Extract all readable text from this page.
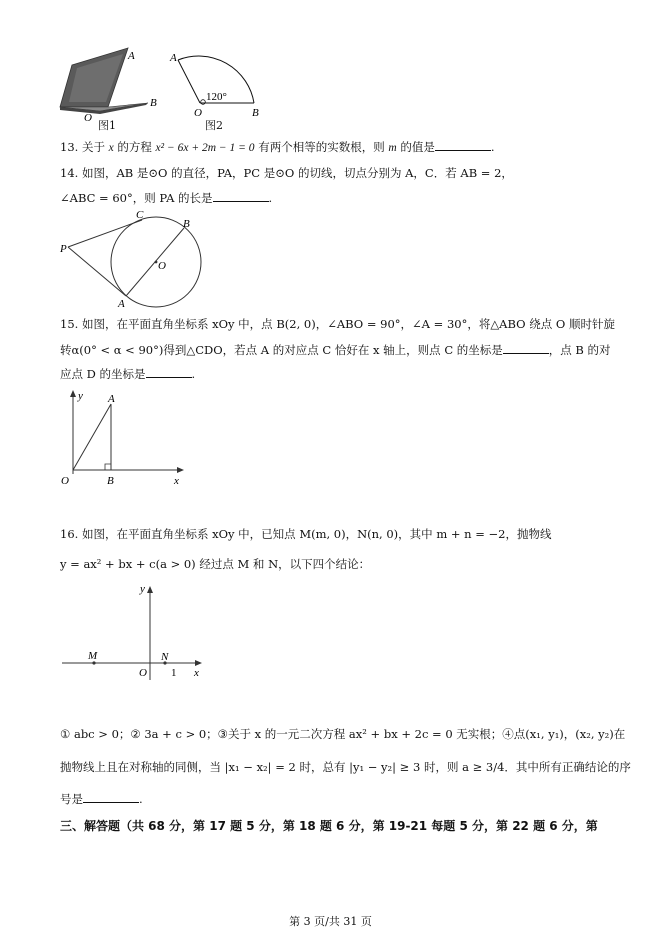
A
B
O
图1
A
120°
O	B
图2
13. 关于 x 的方程 x² − 6x + 2m − 1 = 0 有两个相等的实数根，则 m 的值是	.
14. 如图，AB 是⊙O 的直径，PA，PC 是⊙O 的切线，切点分别为 A，C．若 AB = 2，
∠ABC = 60°，则 PA 的长是	.
C
B
P
O
A
15. 如图，在平面直角坐标系 xOy 中，点 B(2, 0)，∠ABO = 90°，∠A = 30°，将△ABO 绕点 O 顺时针旋
转α(0° < α < 90°)得到△CDO，若点 A 的对应点 C 恰好在 x 轴上，则点 C 的坐标是	，点 B 的对
应点 D 的坐标是	.
y A
O	B	x
16. 如图，在平面直角坐标系 xOy 中，已知点 M(m, 0)，N(n, 0)，其中 m + n = −2，抛物线
y = ax² + bx + c(a > 0) 经过点 M 和 N，以下四个结论：
y
M	N
O 1 x
① abc > 0；② 3a + c > 0；③关于 x 的一元二次方程 ax² + bx + 2c = 0 无实根；④点(x₁, y₁)，(x₂, y₂)在
抛物线上且在对称轴的同侧，当 |x₁ − x₂| = 2 时，总有 |y₁ − y₂| ≥ 3 时，则 a ≥ 3/4．其中所有正确结论的序
号是	.
三、解答题（共 68 分，第 17 题 5 分，第 18 题 6 分，第 19-21 每题 5 分，第 22 题 6 分，第
第 3 页/共 31 页
